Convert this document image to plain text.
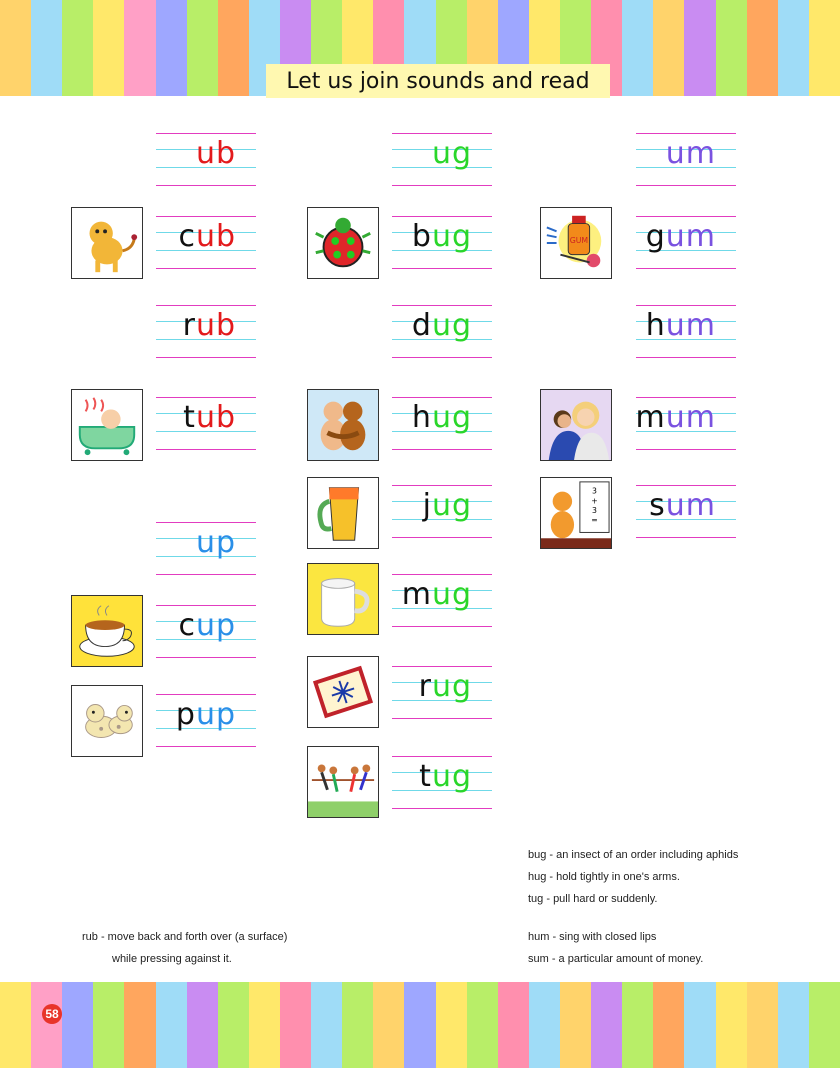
Let us join sounds and read
ub
cub
rub
tub
up
cup
pup
ug
bug
dug
hug
jug
mug
rug
tug
um
GUM gum
hum
mum
3
+
3
= sum
bug - an insect of an order including aphids
hug - hold tightly in one's arms.
tug - pull hard or suddenly.
rub - move back and forth over (a surface)
while pressing against it.
hum - sing with closed lips
sum - a particular amount of money.
58
